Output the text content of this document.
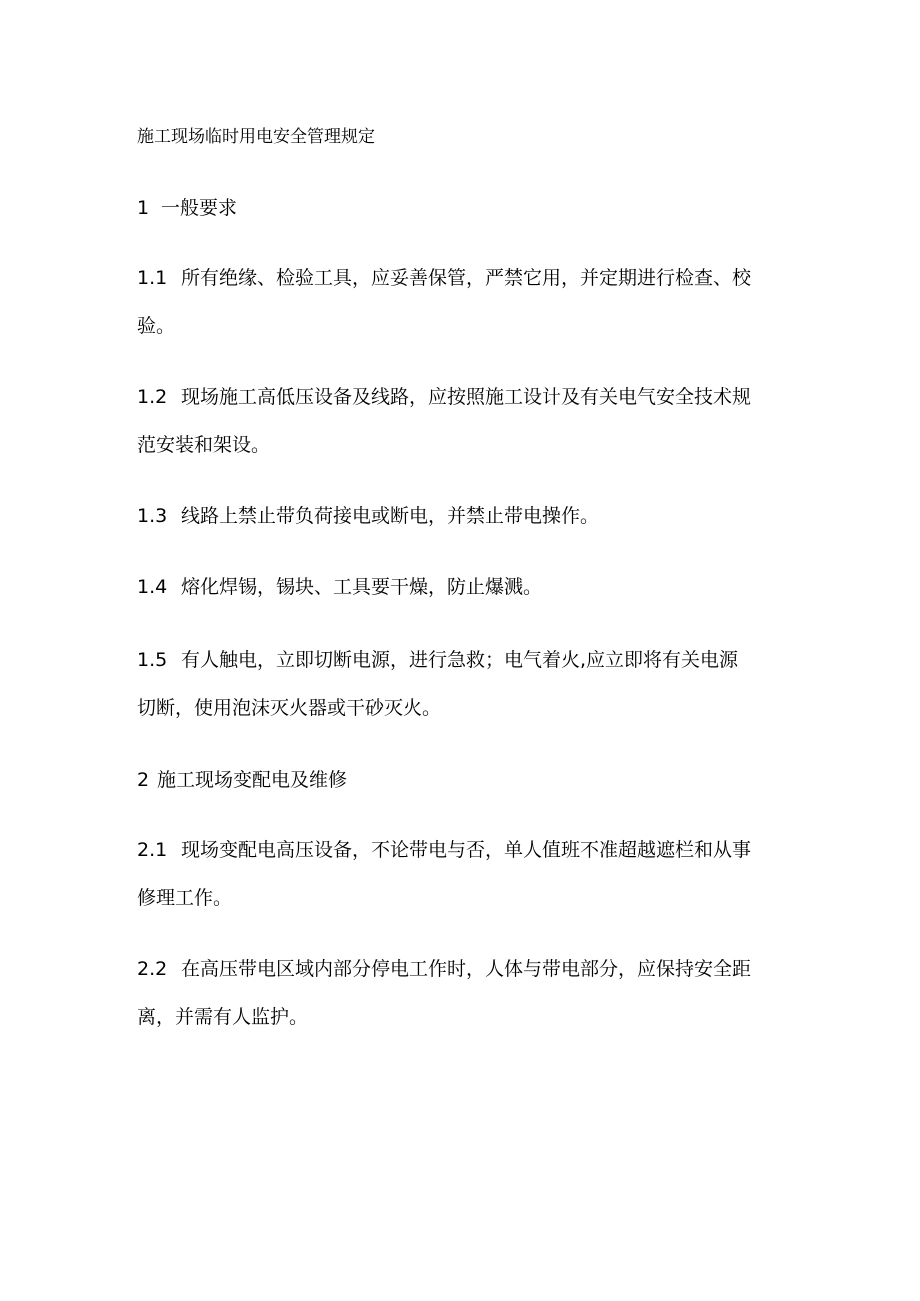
施工现场临时用电安全管理规定
1 一般要求
1.1 所有绝缘、检验工具，应妥善保管，严禁它用，并定期进行检查、校
验。
1.2 现场施工高低压设备及线路，应按照施工设计及有关电气安全技术规
范安装和架设。
1.3 线路上禁止带负荷接电或断电，并禁止带电操作。
1.4 熔化焊锡，锡块、工具要干燥，防止爆溅。
1.5 有人触电，立即切断电源，进行急救；电气着火,应立即将有关电源
切断，使用泡沫灭火器或干砂灭火。
2 施工现场变配电及维修
2.1 现场变配电高压设备，不论带电与否，单人值班不准超越遮栏和从事
修理工作。
2.2 在高压带电区域内部分停电工作时，人体与带电部分，应保持安全距
离，并需有人监护。
